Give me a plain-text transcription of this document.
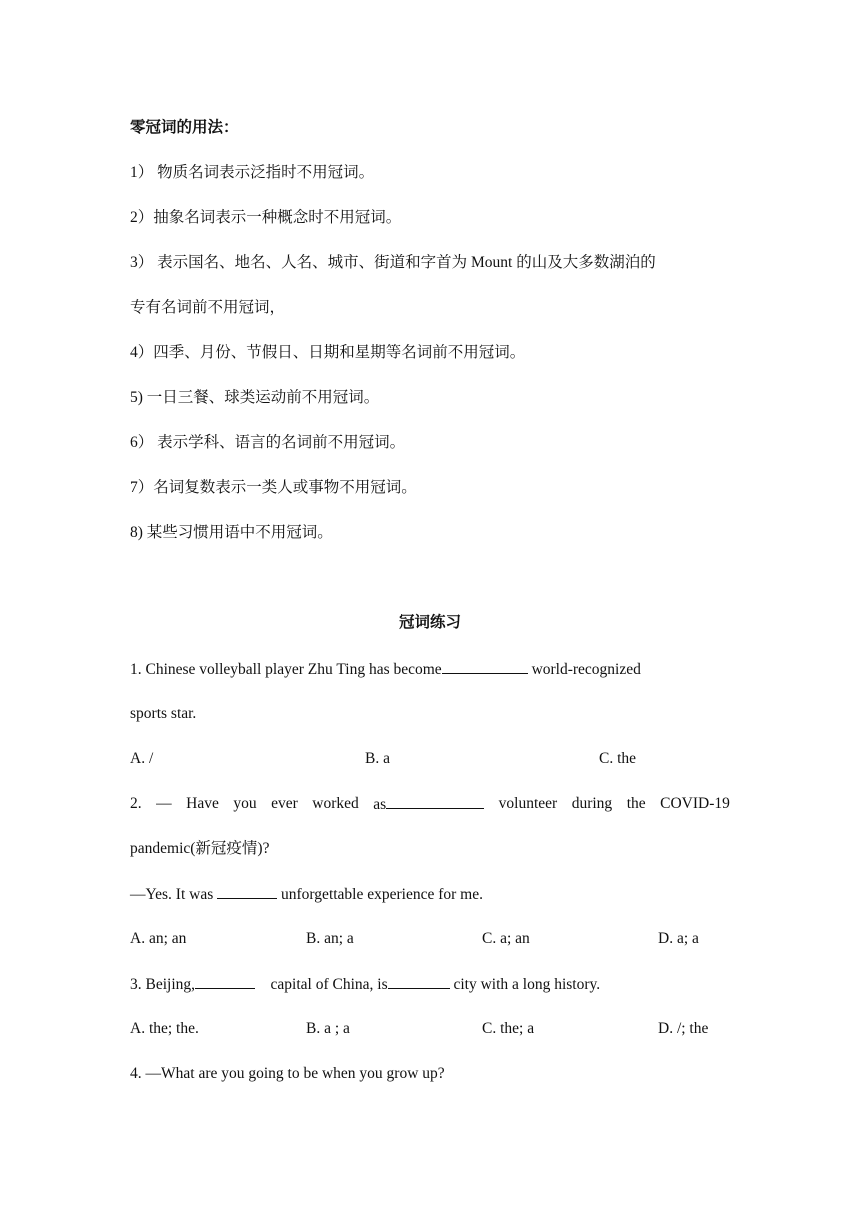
零冠词的用法：
1） 物质名词表示泛指时不用冠词。
2）抽象名词表示一种概念时不用冠词。
3） 表示国名、地名、人名、城市、街道和字首为 Mount 的山及大多数湖泊的
专有名词前不用冠词，
4）四季、月份、节假日、日期和星期等名词前不用冠词。
5) 一日三餐、球类运动前不用冠词。
6） 表示学科、语言的名词前不用冠词。
7）名词复数表示一类人或事物不用冠词。
8) 某些习惯用语中不用冠词。
冠词练习
1. Chinese volleyball player Zhu Ting has become	world-recognized
sports star.
A. /	B. a	C. the
2. — Have you ever worked as	volunteer during the COVID-19
pandemic(新冠疫情)?
—Yes. It was	unforgettable experience for me.
A. an; an	B. an; a	C. a; an	D. a; a
3. Beijing,	capital of China, is	city with a long history.
A. the; the.	B. a ; a	C. the; a	D. /; the
4. —What are you going to be when you grow up?
